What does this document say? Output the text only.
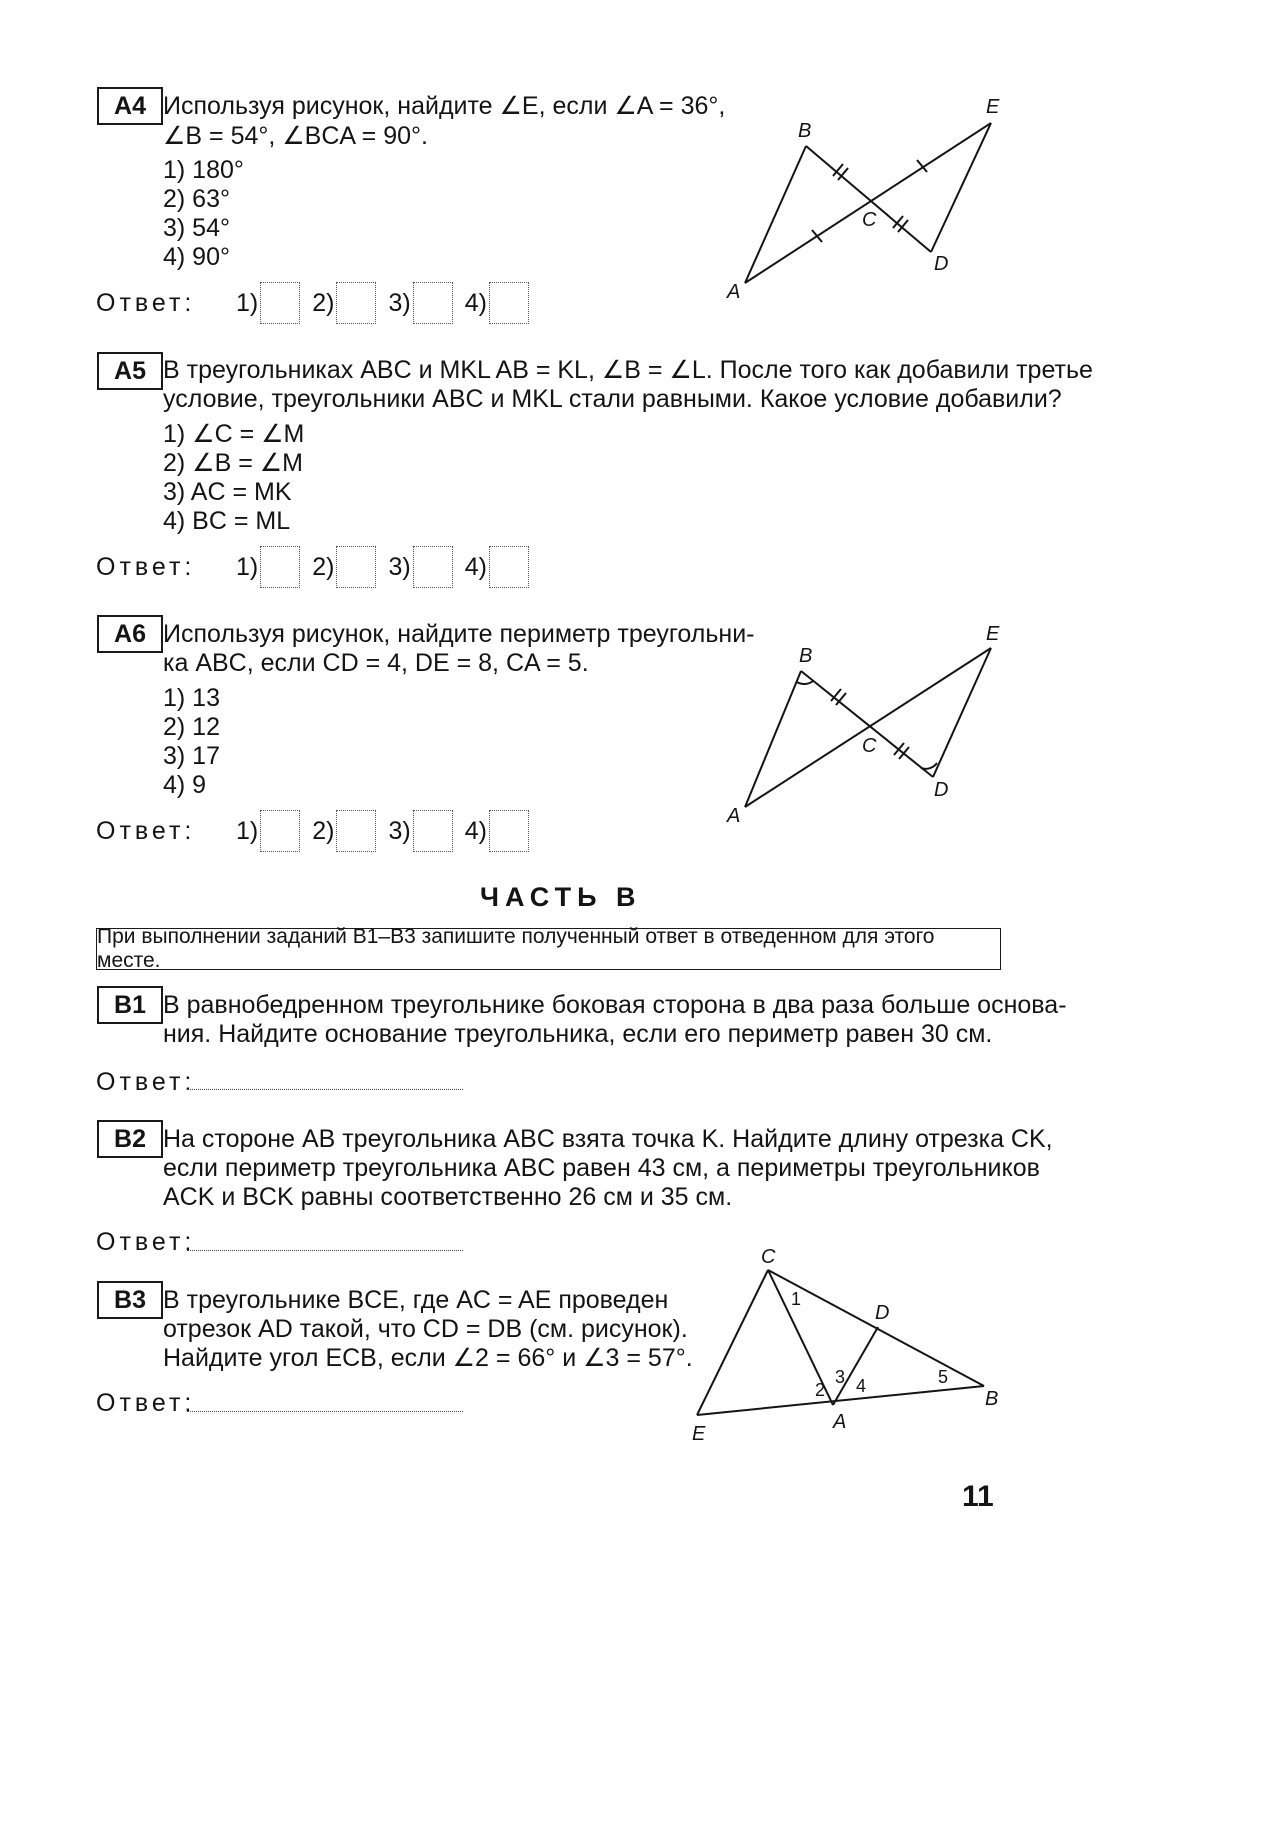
A4 Используя рисунок, найдите ∠E, если ∠A = 36°,
∠B = 54°, ∠BCA = 90°.
1) 180°
2) 63°
3) 54°
4) 90°
Ответ:	1) 2) 3) 4)
B
E
C
D
A
A5 В треугольниках ABC и MKL AB = KL, ∠B = ∠L. После того как добавили третье
условие, треугольники ABC и MKL стали равными. Какое условие добавили?
1) ∠C = ∠M
2) ∠B = ∠M
3) AC = MK
4) BC = ML
Ответ:	1) 2) 3) 4)
A6 Используя рисунок, найдите периметр треугольни-
ка ABC, если CD = 4, DE = 8, CA = 5.
1) 13
2) 12
3) 17
4) 9
Ответ:	1) 2) 3) 4)
B
E
C
D
A
ЧАСТЬ В
При выполнении заданий В1–В3 запишите полученный ответ в отведенном для этого месте.
B1 В равнобедренном треугольнике боковая сторона в два раза больше основа-
ния. Найдите основание треугольника, если его периметр равен 30 см.
Ответ:
B2 На стороне AB треугольника ABC взята точка K. Найдите длину отрезка CK,
если периметр треугольника ABC равен 43 см, а периметры треугольников
ACK и BCK равны соответственно 26 см и 35 см.
Ответ:
B3 В треугольнике BCE, где AC = AE проведен
отрезок AD такой, что CD = DB (см. рисунок).
Найдите угол ECB, если ∠2 = 66° и ∠3 = 57°.
Ответ:
C
D
E
A
B
1
2
3 4	5
11
